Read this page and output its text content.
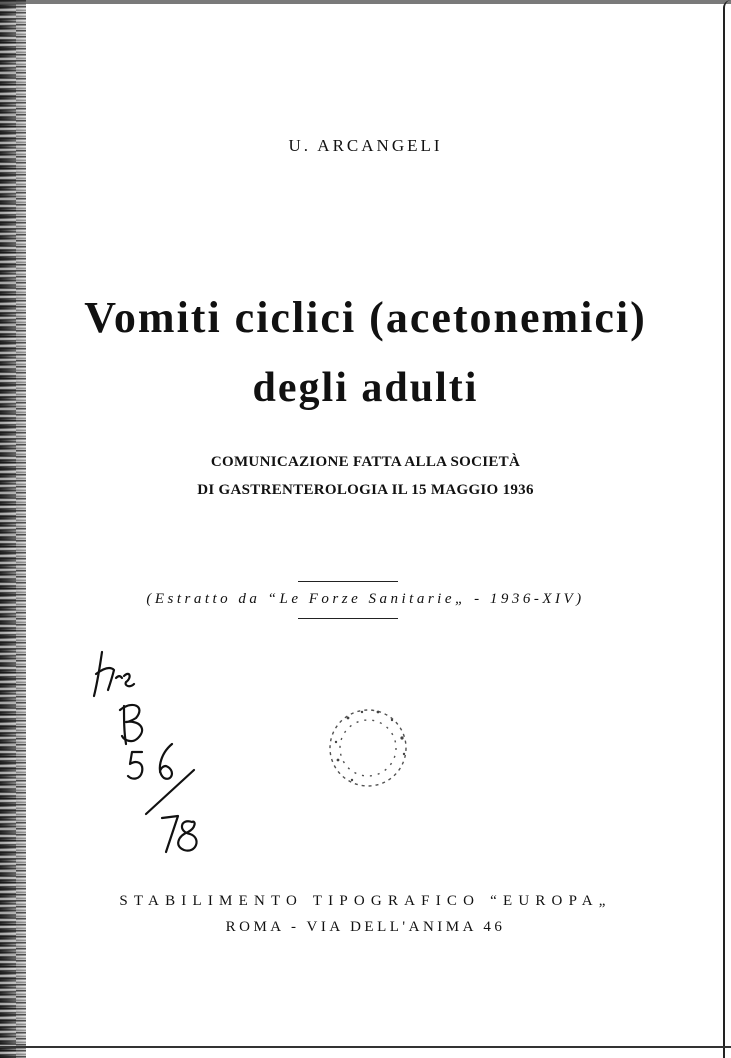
U. ARCANGELI
Vomiti ciclici (acetonemici)
degli adulti
COMUNICAZIONE FATTA ALLA SOCIETÀ
DI GASTRENTEROLOGIA IL 15 MAGGIO 1936
(Estratto da “Le Forze Sanitarie„ - 1936-XIV)
STABILIMENTO TIPOGRAFICO “EUROPA„
ROMA - VIA DELL'ANIMA 46
